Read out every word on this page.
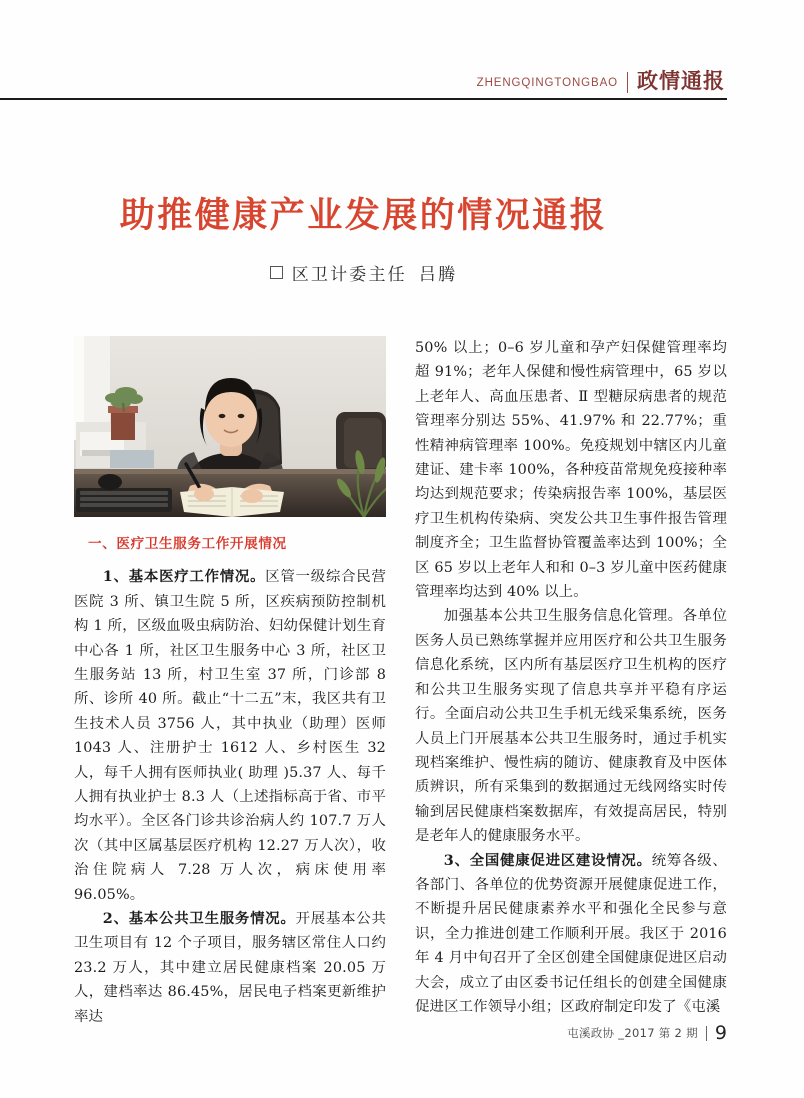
ZHENGQINGTONGBAO 政情通报
助推健康产业发展的情况通报
区卫计委主任 吕腾
一、医疗卫生服务工作开展情况

1、基本医疗工作情况。区管一级综合民营医院 3 所、镇卫生院 5 所，区疾病预防控制机构 1 所，区级血吸虫病防治、妇幼保健计划生育中心各 1 所，社区卫生服务中心 3 所，社区卫生服务站 13 所，村卫生室 37 所，门诊部 8 所、诊所 40 所。截止“十二五”末，我区共有卫生技术人员 3756 人，其中执业（助理）医师 1043 人、注册护士 1612 人、乡村医生 32 人，每千人拥有医师执业( 助理 )5.37 人、每千人拥有执业护士 8.3 人（上述指标高于省、市平均水平）。全区各门诊共诊治病人约 107.7 万人次（其中区属基层医疗机构 12.27 万人次），收治住院病人 7.28 万人次，病床使用率 96.05%。

2、基本公共卫生服务情况。开展基本公共卫生项目有 12 个子项目，服务辖区常住人口约 23.2 万人，其中建立居民健康档案 20.05 万人，建档率达 86.45%，居民电子档案更新维护率达

50% 以上；0–6 岁儿童和孕产妇保健管理率均超 91%；老年人保健和慢性病管理中，65 岁以上老年人、高血压患者、Ⅱ 型糖尿病患者的规范管理率分别达 55%、41.97% 和 22.77%；重性精神病管理率 100%。免疫规划中辖区内儿童建证、建卡率 100%，各种疫苗常规免疫接种率均达到规范要求；传染病报告率 100%，基层医疗卫生机构传染病、突发公共卫生事件报告管理制度齐全；卫生监督协管覆盖率达到 100%；全区 65 岁以上老年人和和 0–3 岁儿童中医药健康管理率均达到 40% 以上。

加强基本公共卫生服务信息化管理。各单位医务人员已熟练掌握并应用医疗和公共卫生服务信息化系统，区内所有基层医疗卫生机构的医疗和公共卫生服务实现了信息共享并平稳有序运行。全面启动公共卫生手机无线采集系统，医务人员上门开展基本公共卫生服务时，通过手机实现档案维护、慢性病的随访、健康教育及中医体质辨识，所有采集到的数据通过无线网络实时传输到居民健康档案数据库，有效提高居民，特别是老年人的健康服务水平。

3、全国健康促进区建设情况。统筹各级、各部门、各单位的优势资源开展健康促进工作，不断提升居民健康素养水平和强化全民参与意识，全力推进创建工作顺利开展。我区于 2016 年 4 月中旬召开了全区创建全国健康促进区启动大会，成立了由区委书记任组长的创建全国健康促进区工作领导小组；区政府制定印发了《屯溪

屯溪政协 _2017 第 2 期 9
